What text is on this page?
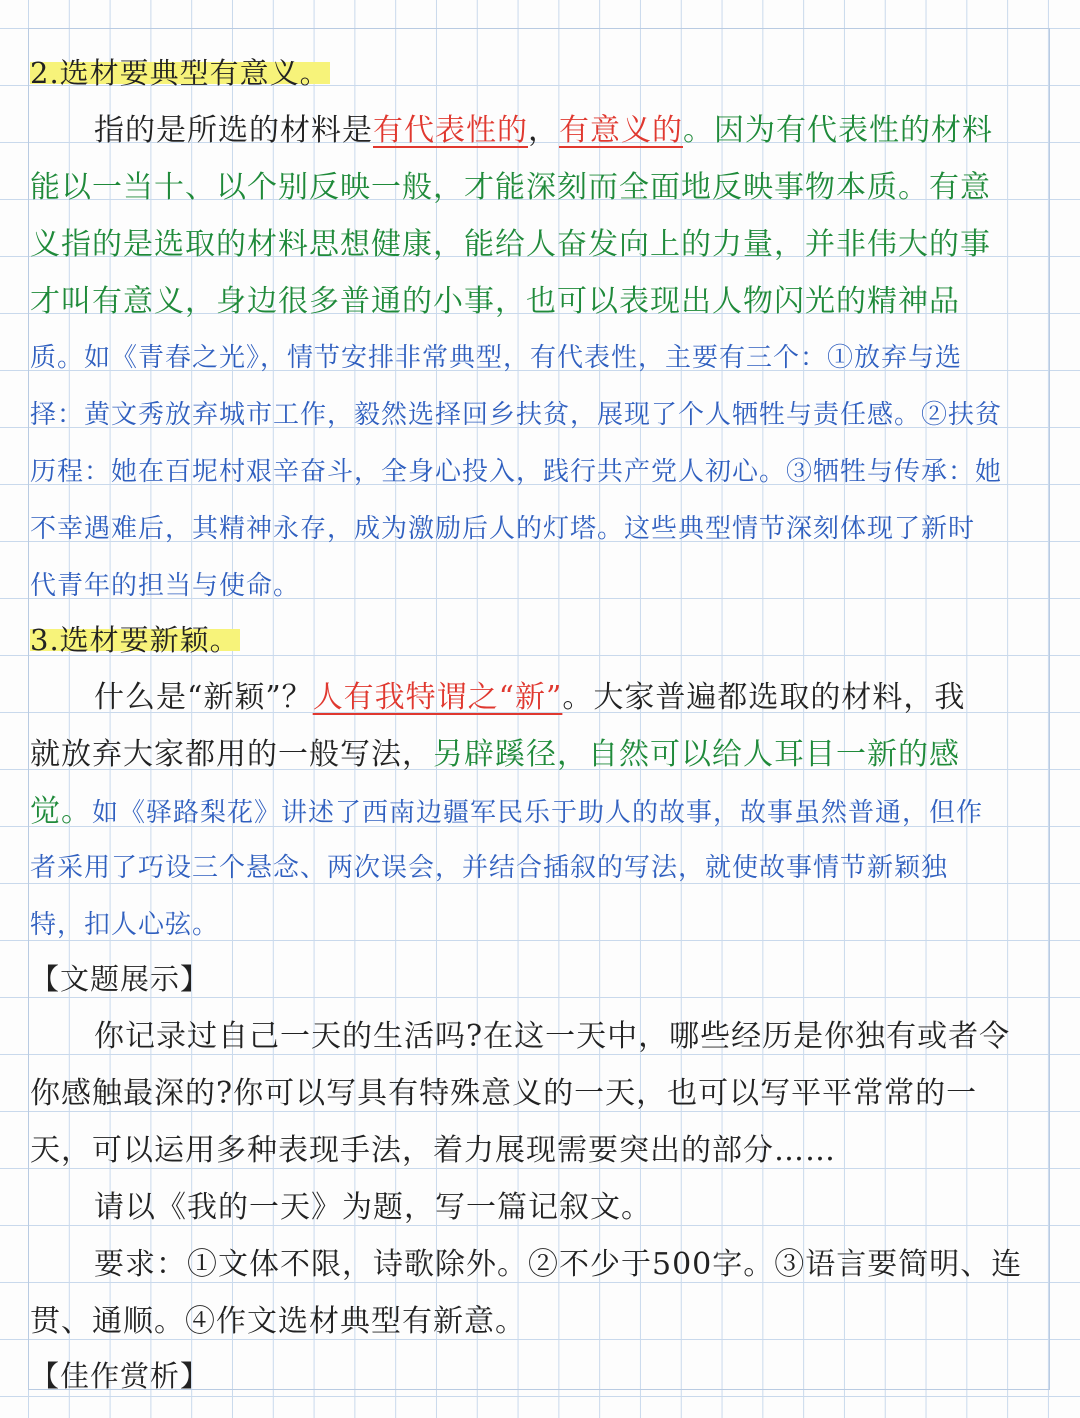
2.选材要典型有意义。
指的是所选的材料是有代表性的，有意义的。因为有代表性的材料
能以一当十、以个别反映一般，才能深刻而全面地反映事物本质。有意
义指的是选取的材料思想健康，能给人奋发向上的力量，并非伟大的事
才叫有意义，身边很多普通的小事，也可以表现出人物闪光的精神品
质。如《青春之光》，情节安排非常典型，有代表性，主要有三个：①放弃与选
择：黄文秀放弃城市工作，毅然选择回乡扶贫，展现了个人牺牲与责任感。②扶贫
历程：她在百坭村艰辛奋斗，全身心投入，践行共产党人初心。③牺牲与传承：她
不幸遇难后，其精神永存，成为激励后人的灯塔。这些典型情节深刻体现了新时
代青年的担当与使命。
3.选材要新颖。
什么是“新颖”？人有我特谓之“新”。大家普遍都选取的材料，我
就放弃大家都用的一般写法，另辟蹊径，自然可以给人耳目一新的感
觉。如《驿路梨花》讲述了西南边疆军民乐于助人的故事，故事虽然普通，但作
者采用了巧设三个悬念、两次误会，并结合插叙的写法，就使故事情节新颖独
特，扣人心弦。
【文题展示】
你记录过自己一天的生活吗?在这一天中，哪些经历是你独有或者令
你感触最深的?你可以写具有特殊意义的一天，也可以写平平常常的一
天，可以运用多种表现手法，着力展现需要突出的部分……
请以《我的一天》为题，写一篇记叙文。
要求：①文体不限，诗歌除外。②不少于500字。③语言要简明、连
贯、通顺。④作文选材典型有新意。
【佳作赏析】
